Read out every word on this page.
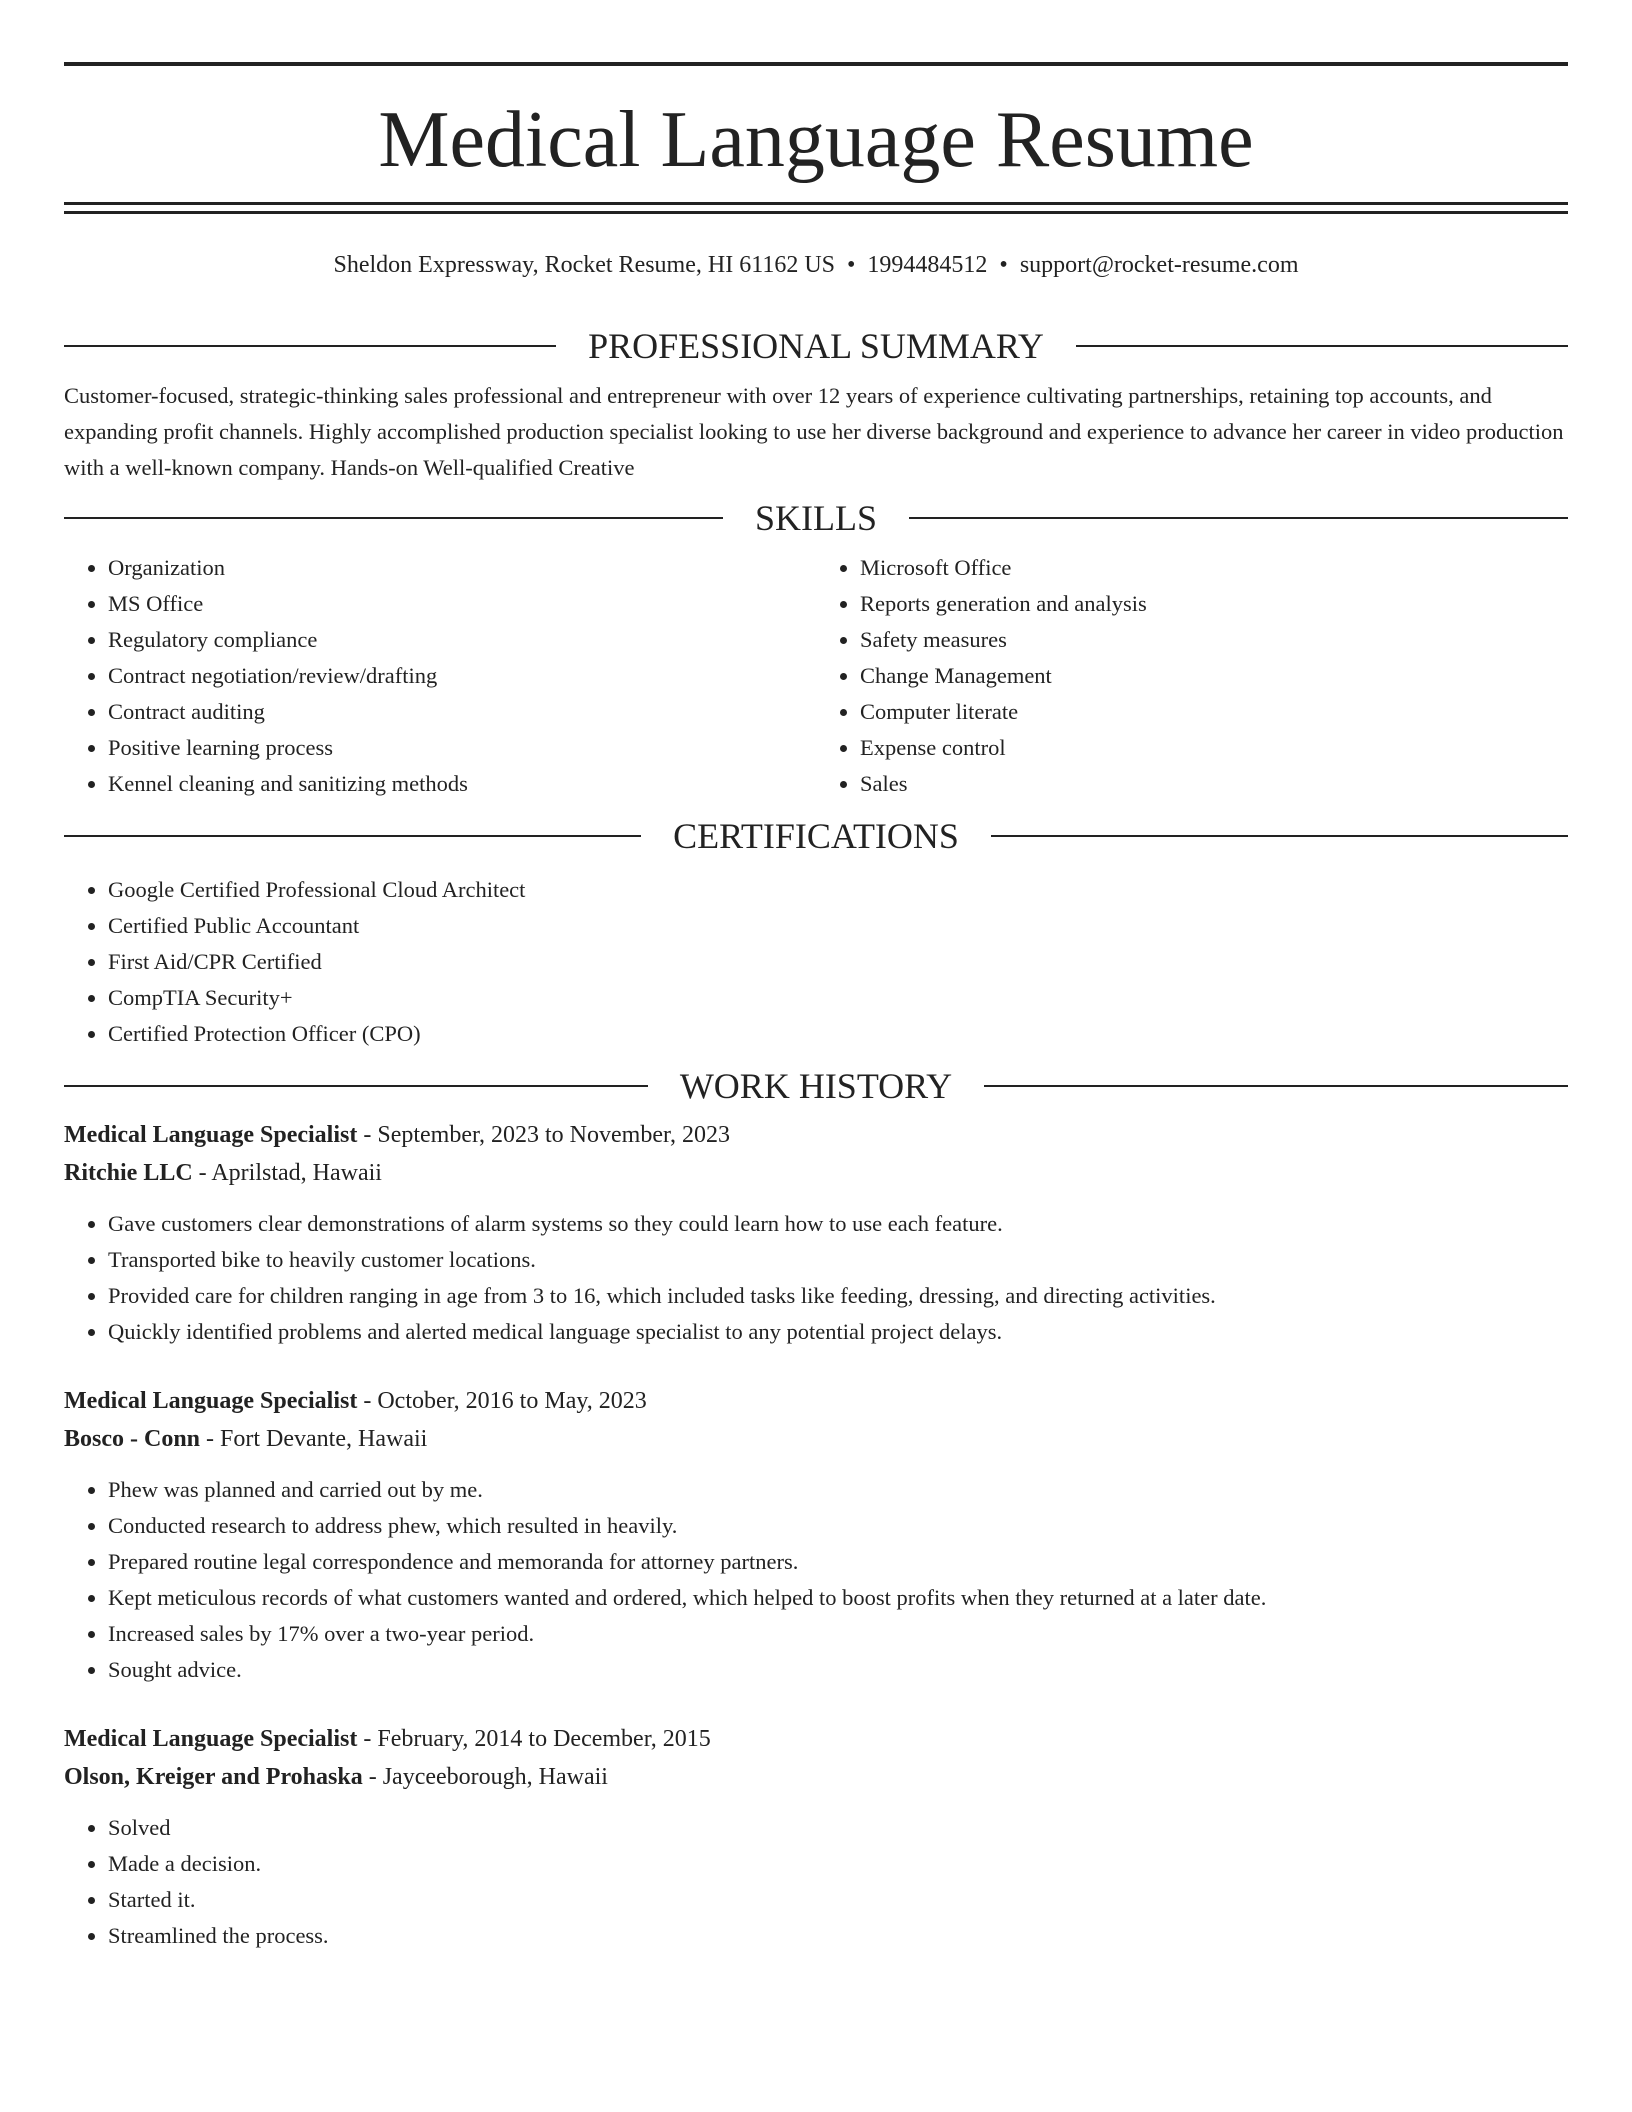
Medical Language Resume
Sheldon Expressway, Rocket Resume, HI 61162 US • 1994484512 • support@rocket-resume.com
PROFESSIONAL SUMMARY

Customer-focused, strategic-thinking sales professional and entrepreneur with over 12 years of experience cultivating partnerships, retaining top accounts, and expanding profit channels. Highly accomplished production specialist looking to use her diverse background and experience to advance her career in video production with a well-known company. Hands-on Well-qualified Creative

SKILLS
• Organization
• MS Office
• Regulatory compliance
• Contract negotiation/review/drafting
• Contract auditing
• Positive learning process
• Kennel cleaning and sanitizing methods
• Microsoft Office
• Reports generation and analysis
• Safety measures
• Change Management
• Computer literate
• Expense control
• Sales
CERTIFICATIONS
• Google Certified Professional Cloud Architect
• Certified Public Accountant
• First Aid/CPR Certified
• CompTIA Security+
• Certified Protection Officer (CPO)
WORK HISTORY

Medical Language Specialist - September, 2023 to November, 2023

Ritchie LLC - Aprilstad, Hawaii

• Gave customers clear demonstrations of alarm systems so they could learn how to use each feature.
• Transported bike to heavily customer locations.
• Provided care for children ranging in age from 3 to 16, which included tasks like feeding, dressing, and directing activities.
• Quickly identified problems and alerted medical language specialist to any potential project delays.

Medical Language Specialist - October, 2016 to May, 2023

Bosco - Conn - Fort Devante, Hawaii

• Phew was planned and carried out by me.
• Conducted research to address phew, which resulted in heavily.
• Prepared routine legal correspondence and memoranda for attorney partners.
• Kept meticulous records of what customers wanted and ordered, which helped to boost profits when they returned at a later date.
• Increased sales by 17% over a two-year period.
• Sought advice.

Medical Language Specialist - February, 2014 to December, 2015

Olson, Kreiger and Prohaska - Jayceeborough, Hawaii

• Solved
• Made a decision.
• Started it.
• Streamlined the process.
